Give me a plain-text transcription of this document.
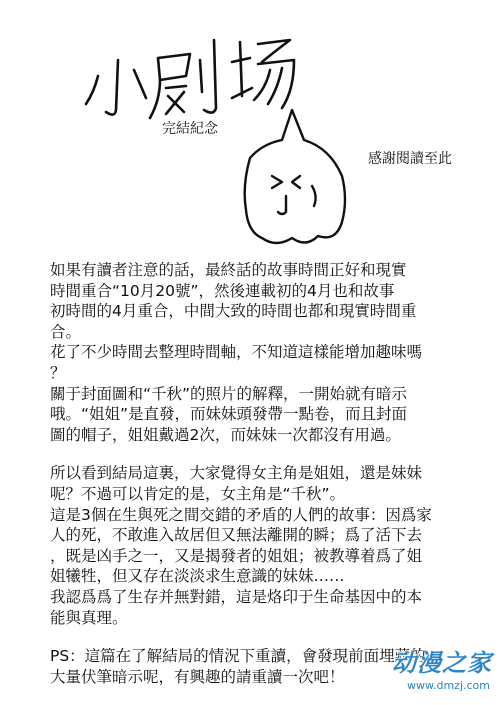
完結紀念
感謝閱讀至此

如果有讀者注意的話，最終話的故事時間正好和現實
時間重合“10月20號”，然後連載初的4月也和故事
初時間的4月重合，中間大致的時間也都和現實時間重
合。
花了不少時間去整理時間軸，不知道這樣能增加趣味嗎
？
關于封面圖和“千秋”的照片的解釋，一開始就有暗示
哦。“姐姐”是直發，而妹妹頭發帶一點卷，而且封面
圖的帽子，姐姐戴過2次，而妹妹一次都沒有用過。

所以看到結局這裏，大家覺得女主角是姐姐，還是妹妹
呢？不過可以肯定的是，女主角是“千秋”。
這是3個在生與死之間交錯的矛盾的人們的故事：因爲家
人的死，不敢進入故居但又無法離開的瞬；爲了活下去
，既是凶手之一，又是揭發者的姐姐；被教導着爲了姐
姐犧牲，但又存在淡淡求生意識的妹妹……
我認爲爲了生存并無對錯，這是烙印于生命基因中的本
能與真理。

PS：這篇在了解結局的情況下重讀，會發現前面埋藏的
大量伏筆暗示呢，有興趣的請重讀一次吧！	动漫之家
www.dmzj.com
